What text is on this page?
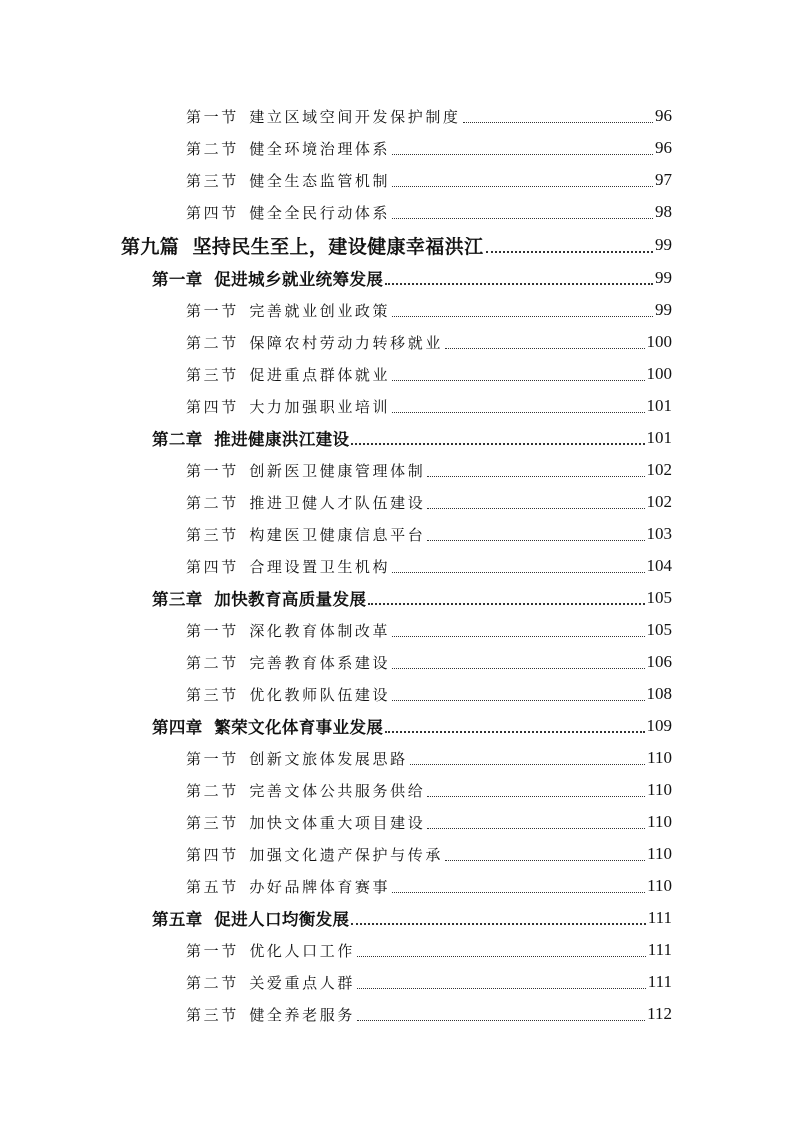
第一节 建立区域空间开发保护制度	96
第二节 健全环境治理体系	96
第三节 健全生态监管机制	97
第四节 健全全民行动体系	98
第九篇 坚持民生至上，建设健康幸福洪江	99
第一章 促进城乡就业统筹发展	99
第一节 完善就业创业政策	99
第二节 保障农村劳动力转移就业	100
第三节 促进重点群体就业	100
第四节 大力加强职业培训	101
第二章 推进健康洪江建设	101
第一节 创新医卫健康管理体制	102
第二节 推进卫健人才队伍建设	102
第三节 构建医卫健康信息平台	103
第四节 合理设置卫生机构	104
第三章 加快教育高质量发展	105
第一节 深化教育体制改革	105
第二节 完善教育体系建设	106
第三节 优化教师队伍建设	108
第四章 繁荣文化体育事业发展	109
第一节 创新文旅体发展思路	110
第二节 完善文体公共服务供给	110
第三节 加快文体重大项目建设	110
第四节 加强文化遗产保护与传承	110
第五节 办好品牌体育赛事	110
第五章 促进人口均衡发展	111
第一节 优化人口工作	111
第二节 关爱重点人群	111
第三节 健全养老服务	112
